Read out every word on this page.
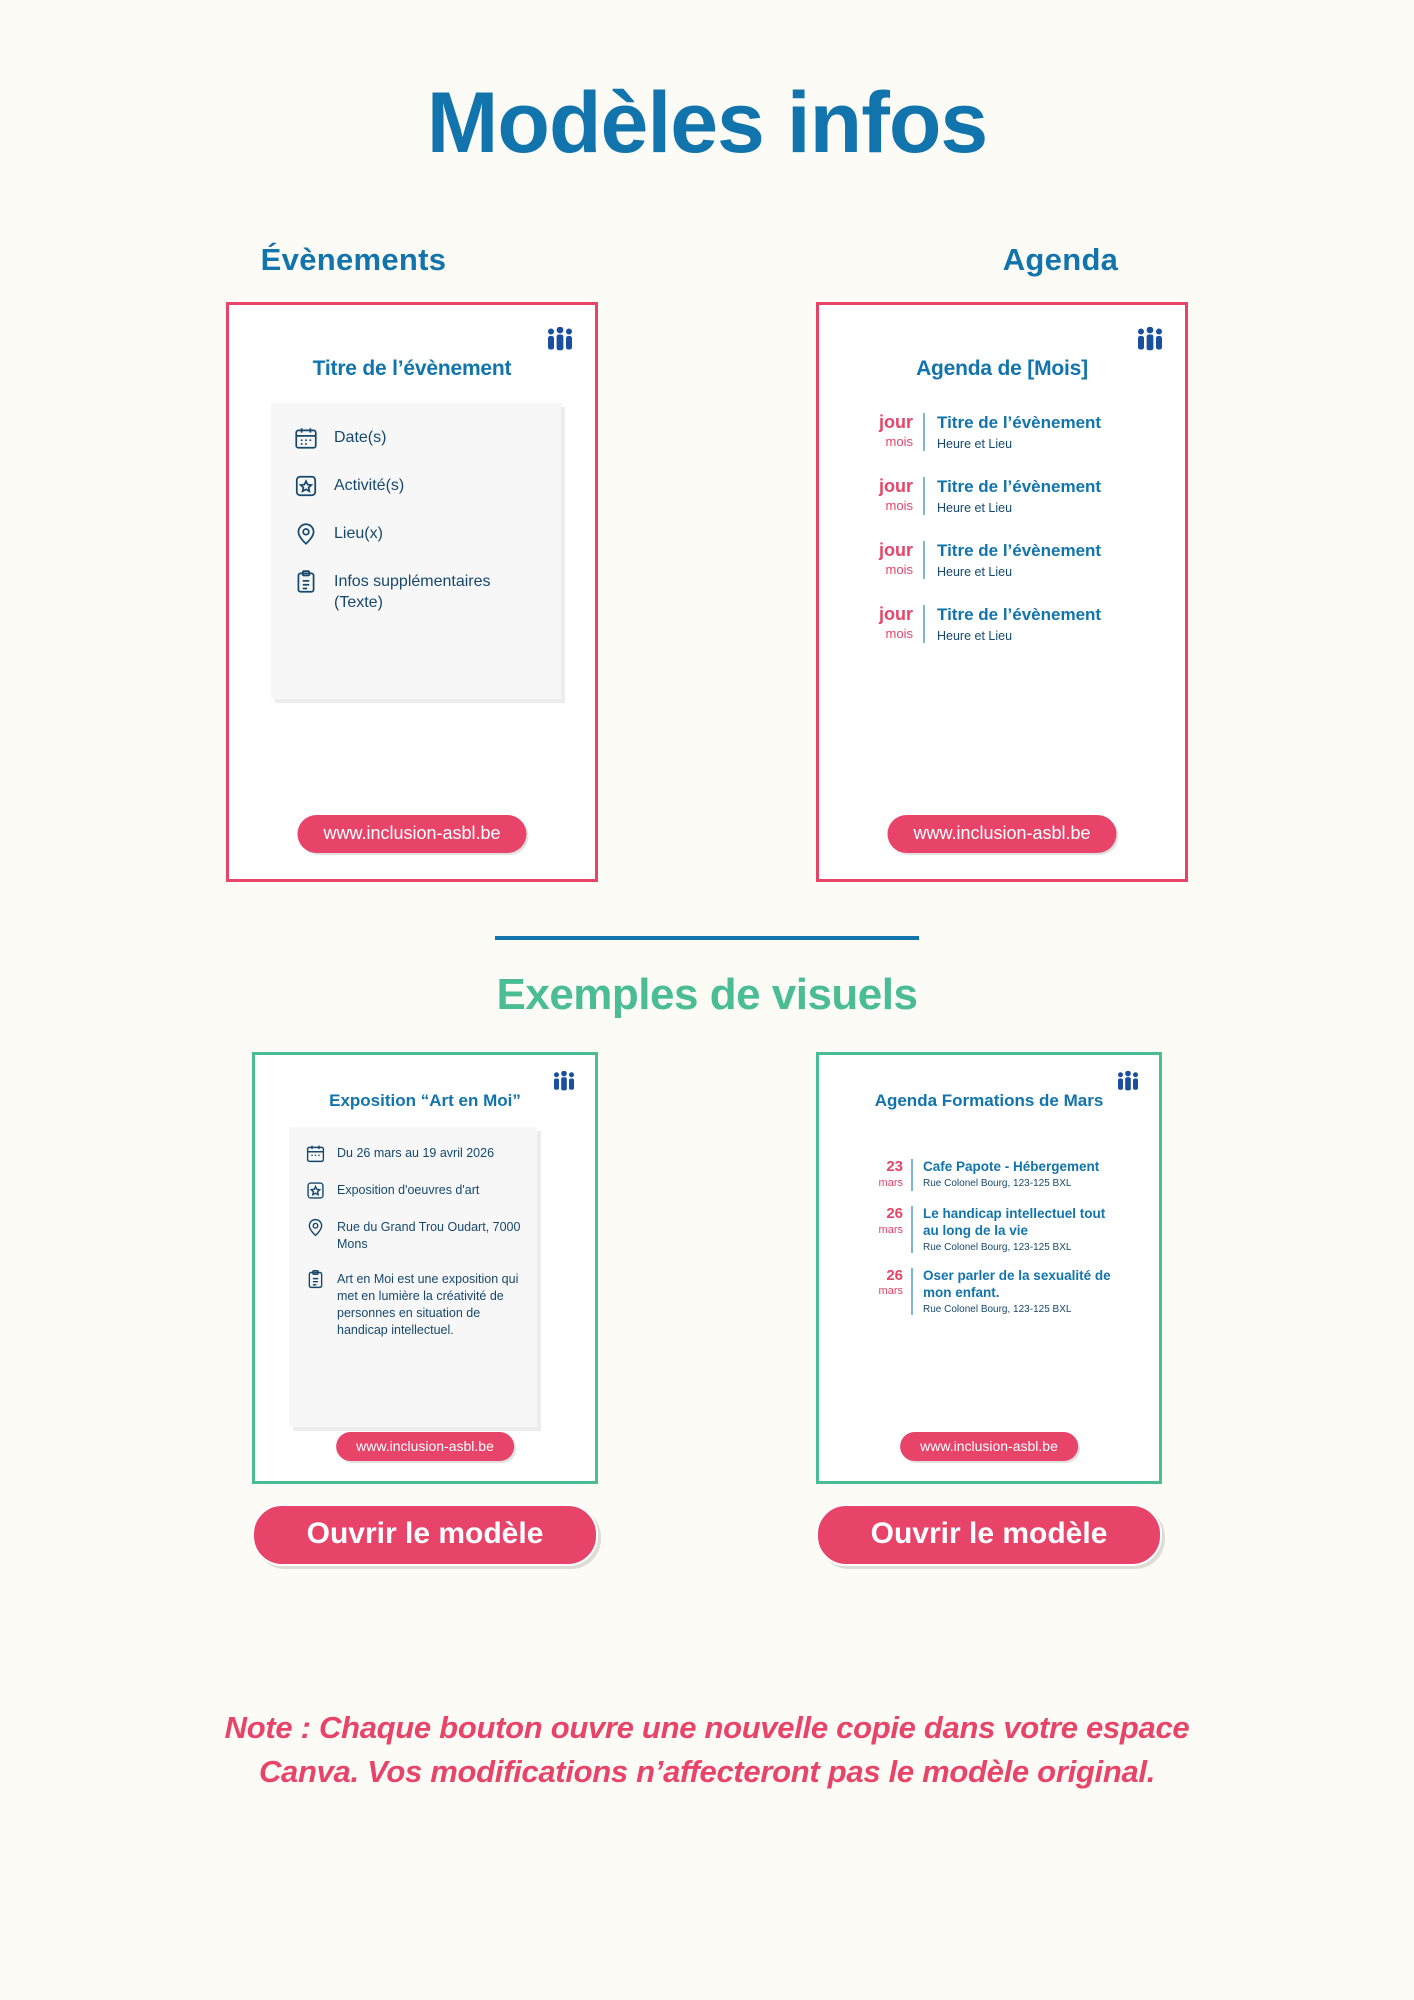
Modèles infos
Évènements	Agenda
Titre de l’évènement
Date(s)
Activité(s)
Lieu(x)
Infos supplémentaires (Texte)
www.inclusion-asbl.be
Agenda de [Mois]
jour
mois
Titre de l’évènement
Heure et Lieu
jour
mois
Titre de l’évènement
Heure et Lieu
jour
mois
Titre de l’évènement
Heure et Lieu
jour
mois
Titre de l’évènement
Heure et Lieu
www.inclusion-asbl.be
Exemples de visuels
Exposition “Art en Moi”
Du 26 mars au 19 avril 2026
Exposition d'oeuvres d'art
Rue du Grand Trou Oudart, 7000 Mons
Art en Moi est une exposition qui met en lumière la créativité de personnes en situation de handicap intellectuel.
www.inclusion-asbl.be
Agenda Formations de Mars
23
mars
Cafe Papote - Hébergement
Rue Colonel Bourg, 123-125 BXL
26
mars
Le handicap intellectuel tout au long de la vie
Rue Colonel Bourg, 123-125 BXL
26
mars
Oser parler de la sexualité de mon enfant.
Rue Colonel Bourg, 123-125 BXL
www.inclusion-asbl.be
Ouvrir le modèle	Ouvrir le modèle
Note : Chaque bouton ouvre une nouvelle copie dans votre espace Canva. Vos modifications n’affecteront pas le modèle original.
